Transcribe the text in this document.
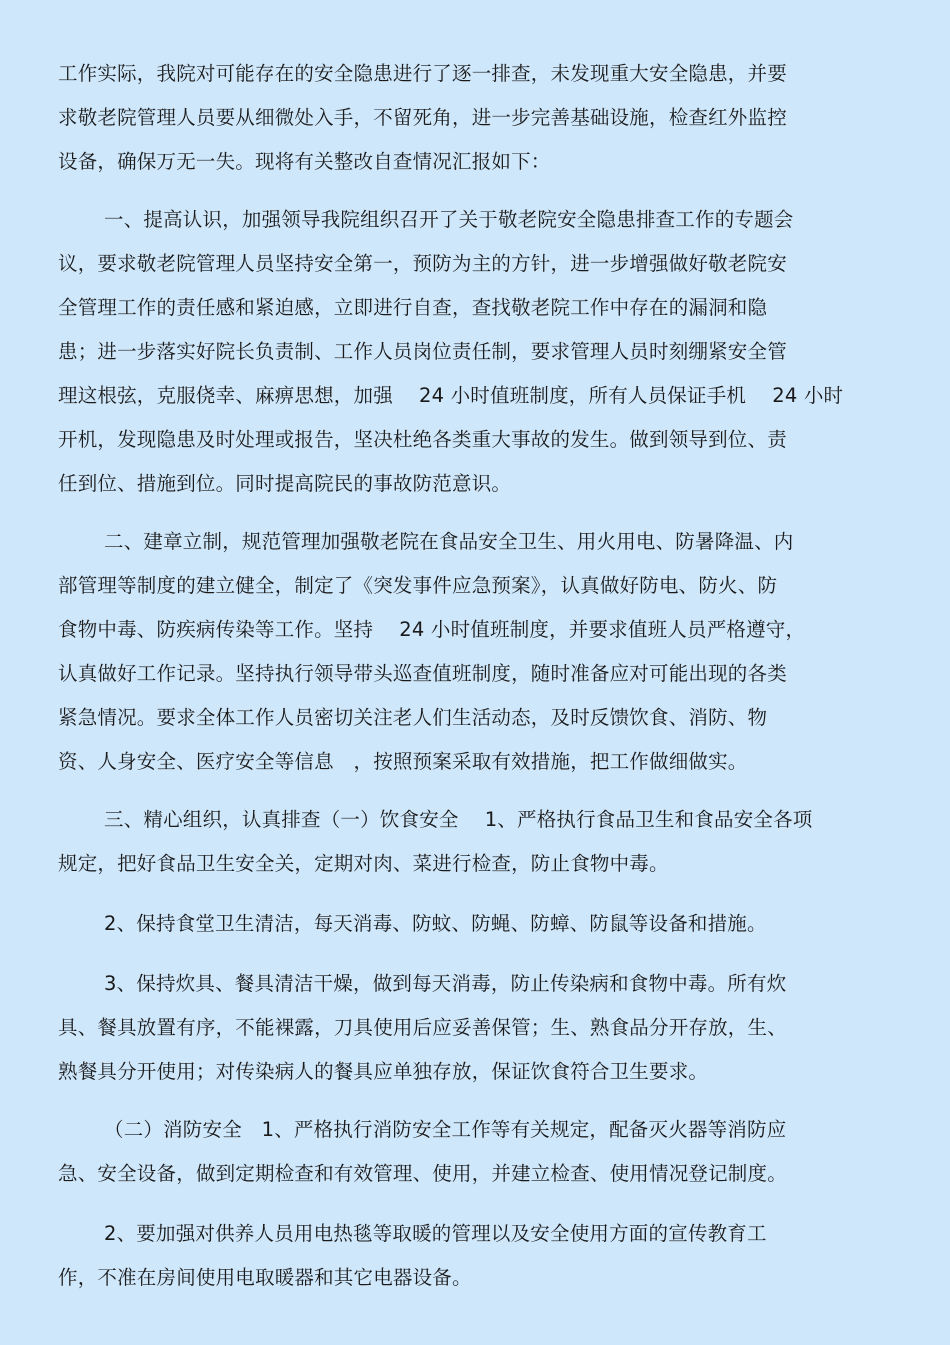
工作实际，我院对可能存在的安全隐患进行了逐一排查，未发现重大安全隐患，并要
求敬老院管理人员要从细微处入手，不留死角，进一步完善基础设施，检查红外监控
设备，确保万无一失。现将有关整改自查情况汇报如下：
一、提高认识，加强领导我院组织召开了关于敬老院安全隐患排查工作的专题会
议，要求敬老院管理人员坚持安全第一，预防为主的方针，进一步增强做好敬老院安
全管理工作的责任感和紧迫感，立即进行自查，查找敬老院工作中存在的漏洞和隐
患；进一步落实好院长负责制、工作人员岗位责任制，要求管理人员时刻绷紧安全管
理这根弦，克服侥幸、麻痹思想，加强　 24 小时值班制度，所有人员保证手机　 24 小时
开机，发现隐患及时处理或报告，坚决杜绝各类重大事故的发生。做到领导到位、责
任到位、措施到位。同时提高院民的事故防范意识。
二、建章立制，规范管理加强敬老院在食品安全卫生、用火用电、防暑降温、内
部管理等制度的建立健全，制定了《突发事件应急预案》，认真做好防电、防火、防
食物中毒、防疾病传染等工作。坚持　 24 小时值班制度，并要求值班人员严格遵守，
认真做好工作记录。坚持执行领导带头巡查值班制度，随时准备应对可能出现的各类
紧急情况。要求全体工作人员密切关注老人们生活动态，及时反馈饮食、消防、物
资、人身安全、医疗安全等信息　，按照预案采取有效措施，把工作做细做实。
三、精心组织，认真排查（一）饮食安全　 1、严格执行食品卫生和食品安全各项
规定，把好食品卫生安全关，定期对肉、菜进行检查，防止食物中毒。
2、保持食堂卫生清洁，每天消毒、防蚊、防蝇、防蟑、防鼠等设备和措施。
3、保持炊具、餐具清洁干燥，做到每天消毒，防止传染病和食物中毒。所有炊
具、餐具放置有序，不能裸露，刀具使用后应妥善保管；生、熟食品分开存放，生、
熟餐具分开使用；对传染病人的餐具应单独存放，保证饮食符合卫生要求。
（二）消防安全　1、严格执行消防安全工作等有关规定，配备灭火器等消防应
急、安全设备，做到定期检查和有效管理、使用，并建立检查、使用情况登记制度。
2、要加强对供养人员用电热毯等取暖的管理以及安全使用方面的宣传教育工
作，不准在房间使用电取暖器和其它电器设备。
